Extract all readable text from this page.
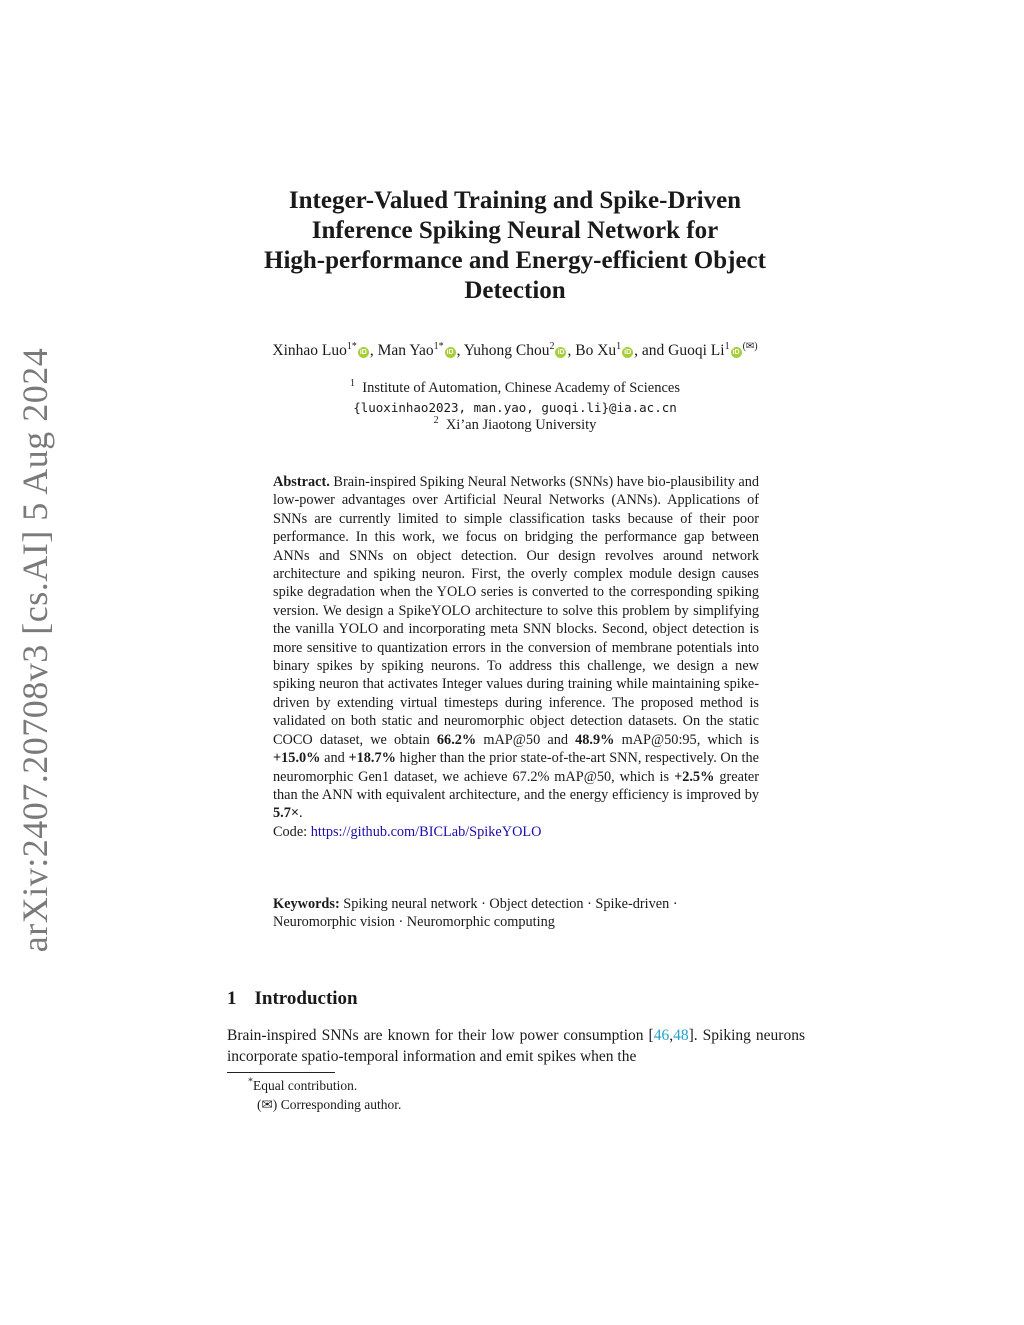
arXiv:2407.20708v3 [cs.AI] 5 Aug 2024
Integer-Valued Training and Spike-Driven
Inference Spiking Neural Network for
High-performance and Energy-efficient Object
Detection
Xinhao Luo$^{1*}$iD , Man Yao$^{1*}$iD , Yuhong Chou$^2$iD , Bo Xu$^1$iD , and Guoqi Li$^1$iD(✉)
$^1$ Institute of Automation, Chinese Academy of Sciences
{luoxinhao2023, man.yao, guoqi.li}@ia.ac.cn
$^2$ Xi’an Jiaotong University
Abstract. Brain-inspired Spiking Neural Networks (SNNs) have bio-plausibility and low-power advantages over Artificial Neural Networks (ANNs). Applications of SNNs are currently limited to simple classification tasks because of their poor performance. In this work, we focus on bridging the performance gap between ANNs and SNNs on object detection. Our design revolves around network architecture and spiking neuron. First, the overly complex module design causes spike degradation when the YOLO series is converted to the corresponding spiking version. We design a SpikeYOLO architecture to solve this problem by simplifying the vanilla YOLO and incorporating meta SNN blocks. Second, object detection is more sensitive to quantization errors in the conversion of membrane potentials into binary spikes by spiking neurons. To address this challenge, we design a new spiking neuron that activates Integer values during training while maintaining spike-driven by extending virtual timesteps during inference. The proposed method is validated on both static and neuromorphic object detection datasets. On the static COCO dataset, we obtain 66.2% mAP@50 and 48.9% mAP@50:95, which is +15.0% and +18.7% higher than the prior state-of-the-art SNN, respectively. On the neuromorphic Gen1 dataset, we achieve 67.2% mAP@50, which is +2.5% greater than the ANN with equivalent architecture, and the energy efficiency is improved by 5.7×.
Code: https://github.com/BICLab/SpikeYOLO
Keywords: Spiking neural network · Object detection · Spike-driven · Neuromorphic vision · Neuromorphic computing
1 Introduction
Brain-inspired SNNs are known for their low power consumption [46,48]. Spiking neurons incorporate spatio-temporal information and emit spikes when the
*Equal contribution.
(✉) Corresponding author.
